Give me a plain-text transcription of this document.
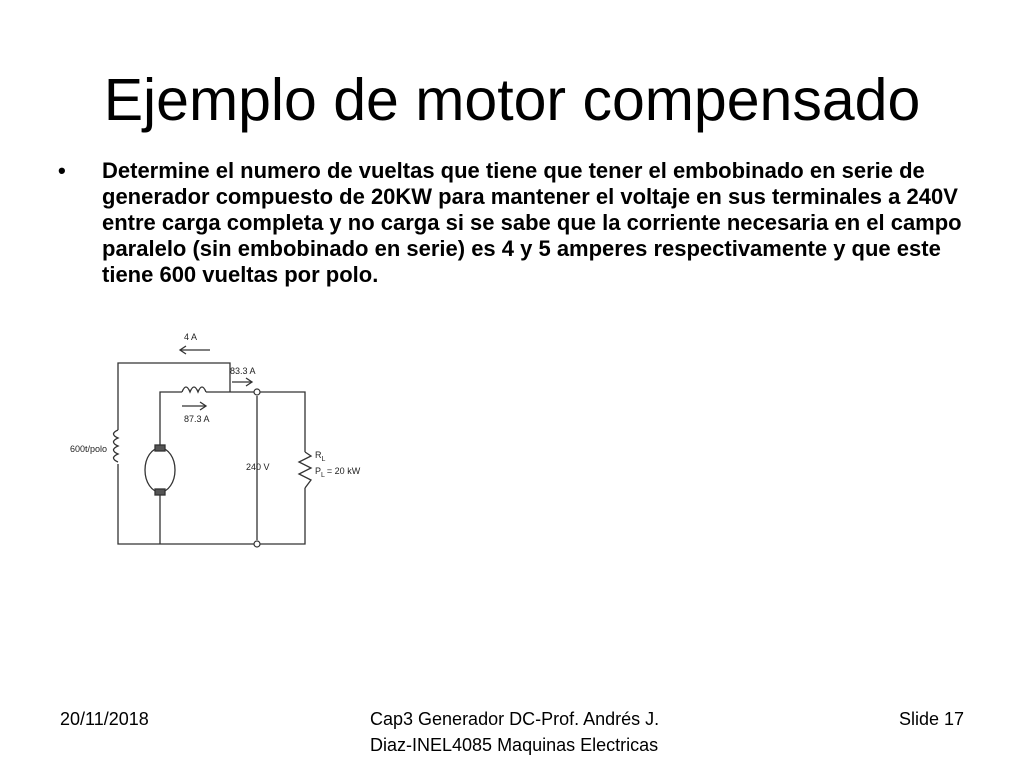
Ejemplo de motor compensado
• Determine el numero de vueltas que tiene que tener el embobinado en serie de generador compuesto de 20KW para mantener el voltaje en sus terminales a 240V entre carga completa y no carga si se sabe que la corriente necesaria en el campo paralelo (sin embobinado en serie) es 4 y 5 amperes respectivamente y que este tiene 600 vueltas por polo.
4 A
83.3 A
87.3 A
600t/polo
240 V
$R_L$
$P_L = 20$ kW
20/11/2018	Cap3 Generador DC-Prof. Andrés J.
Diaz-INEL4085 Maquinas Electricas
Slide 17
